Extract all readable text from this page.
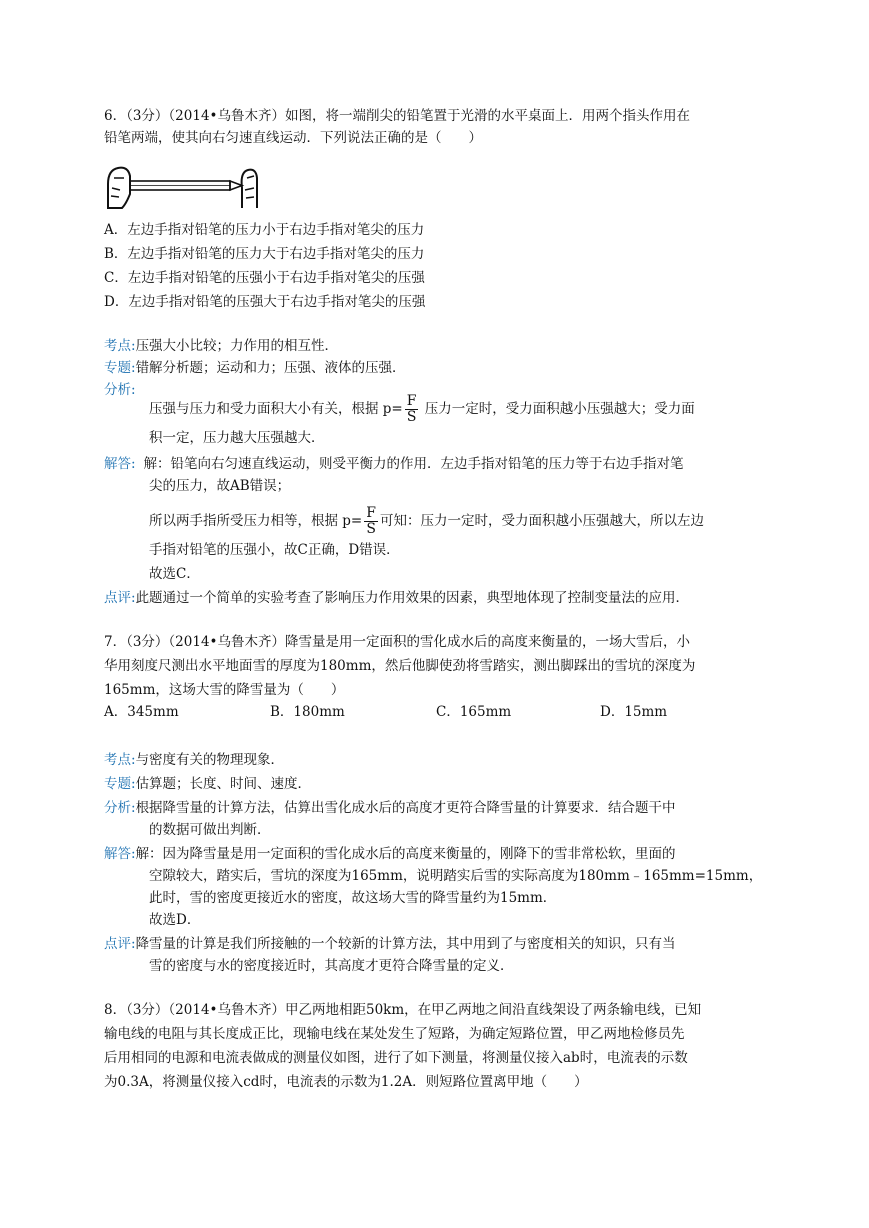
6．（3分）（2014•乌鲁木齐）如图，将一端削尖的铅笔置于光滑的水平桌面上．用两个指头作用在
铅笔两端，使其向右匀速直线运动．下列说法正确的是（　　）
A．左边手指对铅笔的压力小于右边手指对笔尖的压力
B．左边手指对铅笔的压力大于右边手指对笔尖的压力
C．左边手指对铅笔的压强小于右边手指对笔尖的压强
D．左边手指对铅笔的压强大于右边手指对笔尖的压强
考点:压强大小比较；力作用的相互性．
专题:错解分析题；运动和力；压强、液体的压强．
分析:
压强与压力和受力面积大小有关，根据 $p= \frac{F}{S}$ 压力一定时，受力面积越小压强越大；受力面
积一定，压力越大压强越大．
解答: 解：铅笔向右匀速直线运动，则受平衡力的作用．左边手指对铅笔的压力等于右边手指对笔
尖的压力，故AB错误；
所以两手指所受压力相等，根据 $p= \frac{F}{S}$ 可知：压力一定时，受力面积越小压强越大，所以左边
手指对铅笔的压强小，故C正确，D错误．
故选C．
点评:此题通过一个简单的实验考查了影响压力作用效果的因素，典型地体现了控制变量法的应用．
7．（3分）（2014•乌鲁木齐）降雪量是用一定面积的雪化成水后的高度来衡量的，一场大雪后，小
华用刻度尺测出水平地面雪的厚度为180mm，然后他脚使劲将雪踏实，测出脚踩出的雪坑的深度为
165mm，这场大雪的降雪量为（　　）
A．345mm	B．180mm	C．165mm	D．15mm
考点:与密度有关的物理现象．
专题:估算题；长度、时间、速度．
分析:根据降雪量的计算方法，估算出雪化成水后的高度才更符合降雪量的计算要求．结合题干中
的数据可做出判断．
解答:解：因为降雪量是用一定面积的雪化成水后的高度来衡量的，刚降下的雪非常松软，里面的
空隙较大，踏实后，雪坑的深度为165mm，说明踏实后雪的实际高度为180mm﹣165mm=15mm，
此时，雪的密度更接近水的密度，故这场大雪的降雪量约为15mm．
故选D．
点评:降雪量的计算是我们所接触的一个较新的计算方法，其中用到了与密度相关的知识，只有当
雪的密度与水的密度接近时，其高度才更符合降雪量的定义．
8．（3分）（2014•乌鲁木齐）甲乙两地相距50km，在甲乙两地之间沿直线架设了两条输电线，已知
输电线的电阻与其长度成正比，现输电线在某处发生了短路，为确定短路位置，甲乙两地检修员先
后用相同的电源和电流表做成的测量仪如图，进行了如下测量，将测量仪接入ab时，电流表的示数
为0.3A，将测量仪接入cd时，电流表的示数为1.2A．则短路位置离甲地（　　）
